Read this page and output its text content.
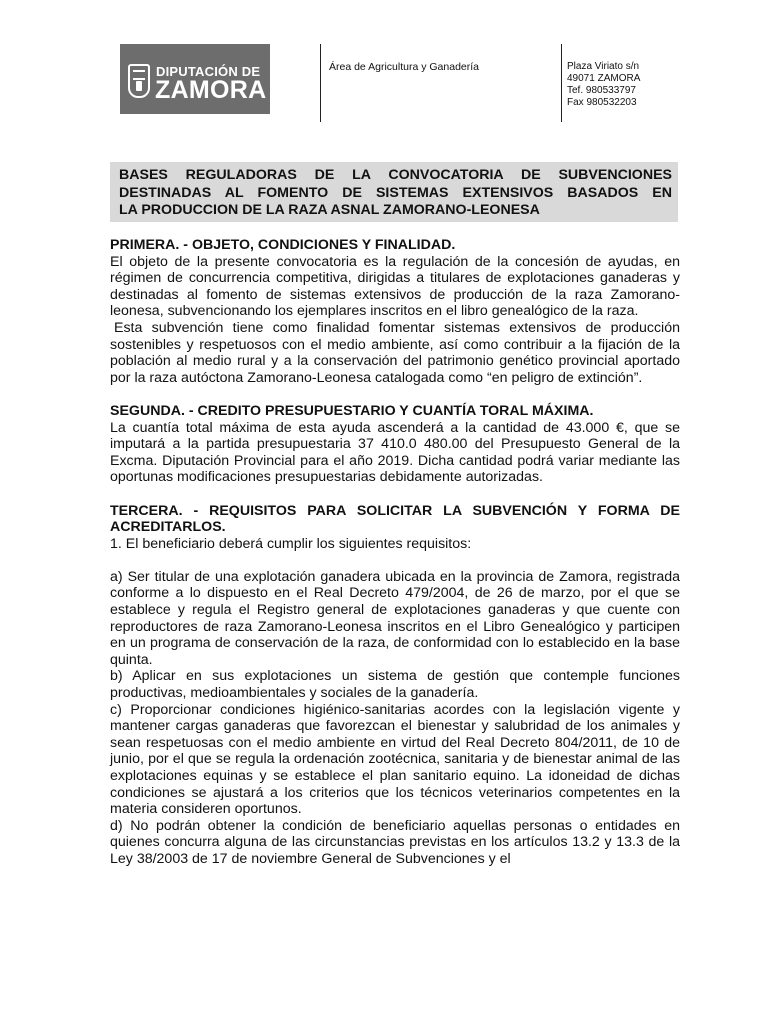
DIPUTACIÓN DE
ZAMORA
Área de Agricultura y Ganadería	Plaza Viriato s/n
49071 ZAMORA
Tef. 980533797
Fax 980532203
BASES REGULADORAS DE LA CONVOCATORIA DE SUBVENCIONES
DESTINADAS AL FOMENTO DE SISTEMAS EXTENSIVOS BASADOS EN
LA PRODUCCION DE LA RAZA ASNAL ZAMORANO-LEONESA
PRIMERA. - OBJETO, CONDICIONES Y FINALIDAD.
El objeto de la presente convocatoria es la regulación de la concesión de ayudas, en régimen de concurrencia competitiva, dirigidas a titulares de explotaciones ganaderas y destinadas al fomento de sistemas extensivos de producción de la raza Zamorano-leonesa, subvencionando los ejemplares inscritos en el libro genealógico de la raza.
Esta subvención tiene como finalidad fomentar sistemas extensivos de producción sostenibles y respetuosos con el medio ambiente, así como contribuir a la fijación de la población al medio rural y a la conservación del patrimonio genético provincial aportado por la raza autóctona Zamorano-Leonesa catalogada como “en peligro de extinción”.
SEGUNDA. - CREDITO PRESUPUESTARIO Y CUANTÍA TORAL MÁXIMA.
La cuantía total máxima de esta ayuda ascenderá a la cantidad de 43.000 €, que se imputará a la partida presupuestaria 37 410.0 480.00 del Presupuesto General de la Excma. Diputación Provincial para el año 2019. Dicha cantidad podrá variar mediante las oportunas modificaciones presupuestarias debidamente autorizadas.
TERCERA. - REQUISITOS PARA SOLICITAR LA SUBVENCIÓN Y FORMA DE
ACREDITARLOS.
1. El beneficiario deberá cumplir los siguientes requisitos:
a) Ser titular de una explotación ganadera ubicada en la provincia de Zamora, registrada conforme a lo dispuesto en el Real Decreto 479/2004, de 26 de marzo, por el que se establece y regula el Registro general de explotaciones ganaderas y que cuente con reproductores de raza Zamorano-Leonesa inscritos en el Libro Genealógico y participen en un programa de conservación de la raza, de conformidad con lo establecido en la base quinta.
b) Aplicar en sus explotaciones un sistema de gestión que contemple funciones productivas, medioambientales y sociales de la ganadería.
c) Proporcionar condiciones higiénico-sanitarias acordes con la legislación vigente y mantener cargas ganaderas que favorezcan el bienestar y salubridad de los animales y sean respetuosas con el medio ambiente en virtud del Real Decreto 804/2011, de 10 de junio, por el que se regula la ordenación zootécnica, sanitaria y de bienestar animal de las explotaciones equinas y se establece el plan sanitario equino. La idoneidad de dichas condiciones se ajustará a los criterios que los técnicos veterinarios competentes en la materia consideren oportunos.
d) No podrán obtener la condición de beneficiario aquellas personas o entidades en quienes concurra alguna de las circunstancias previstas en los artículos 13.2 y 13.3 de la Ley 38/2003 de 17 de noviembre General de Subvenciones y el
